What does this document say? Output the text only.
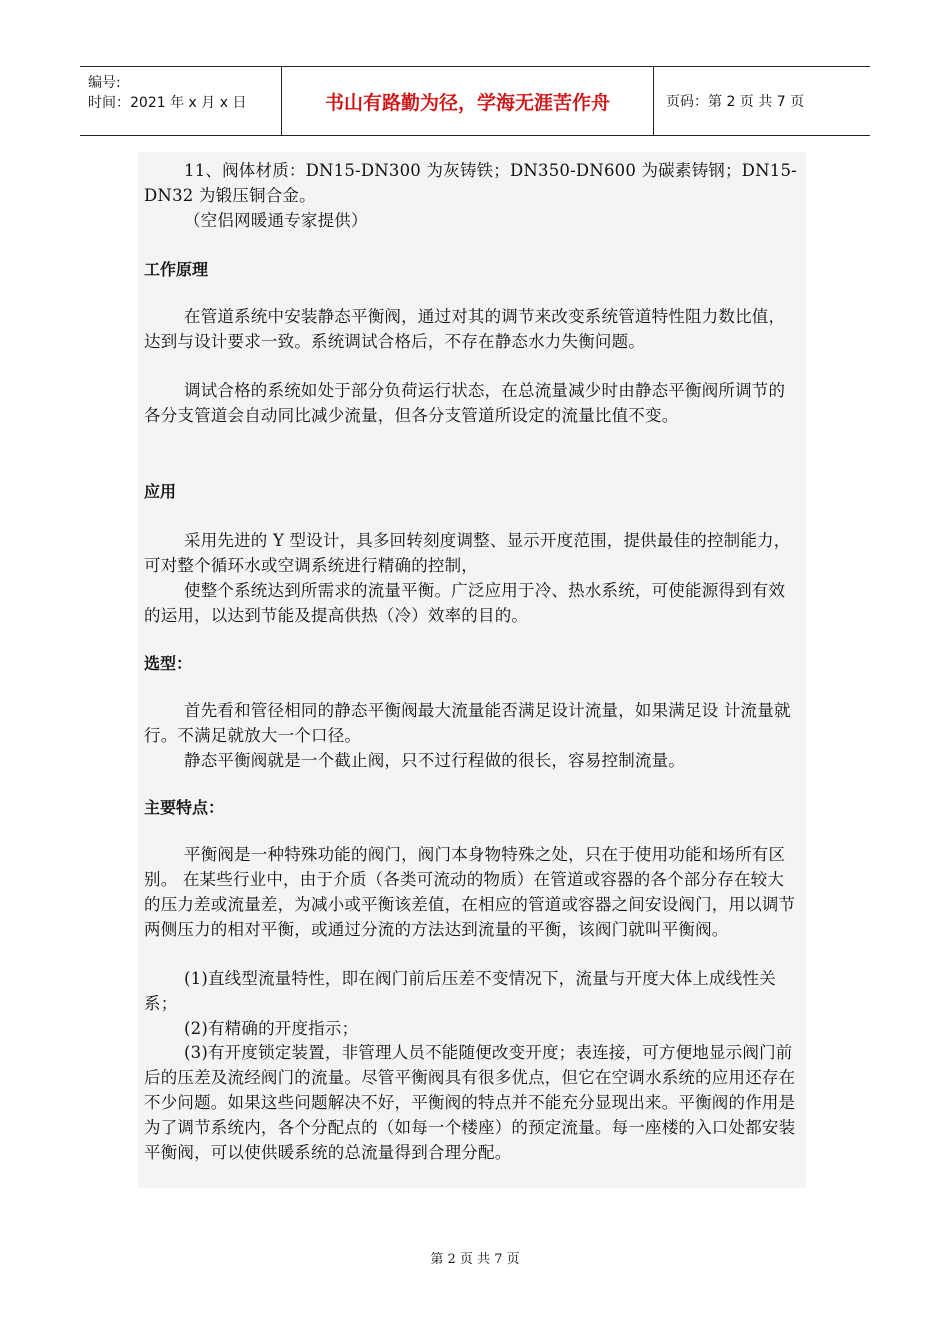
编号:
时间：2021 年 x 月 x 日	书山有路勤为径，学海无涯苦作舟	页码：第 2 页 共 7 页

11、阀体材质：DN15-DN300 为灰铸铁；DN350-DN600 为碳素铸钢；DN15-DN32 为锻压铜合金。

（空侣网暖通专家提供）

工作原理

在管道系统中安装静态平衡阀，通过对其的调节来改变系统管道特性阻力数比值，达到与设计要求一致。系统调试合格后，不存在静态水力失衡问题。

调试合格的系统如处于部分负荷运行状态，在总流量减少时由静态平衡阀所调节的各分支管道会自动同比减少流量，但各分支管道所设定的流量比值不变。

应用

采用先进的 Y 型设计，具多回转刻度调整、显示开度范围，提供最佳的控制能力，可对整个循环水或空调系统进行精确的控制，

使整个系统达到所需求的流量平衡。广泛应用于冷、热水系统，可使能源得到有效的运用，以达到节能及提高供热（冷）效率的目的。

选型：

首先看和管径相同的静态平衡阀最大流量能否满足设计流量，如果满足设 计流量就行。不满足就放大一个口径。

静态平衡阀就是一个截止阀，只不过行程做的很长，容易控制流量。

主要特点：

平衡阀是一种特殊功能的阀门，阀门本身物特殊之处，只在于使用功能和场所有区别。 在某些行业中，由于介质（各类可流动的物质）在管道或容器的各个部分存在较大的压力差或流量差，为减小或平衡该差值，在相应的管道或容器之间安设阀门，用以调节两侧压力的相对平衡，或通过分流的方法达到流量的平衡，该阀门就叫平衡阀。

(1)直线型流量特性，即在阀门前后压差不变情况下，流量与开度大体上成线性关系；

(2)有精确的开度指示；

(3)有开度锁定装置，非管理人员不能随便改变开度；表连接，可方便地显示阀门前后的压差及流经阀门的流量。尽管平衡阀具有很多优点，但它在空调水系统的应用还存在不少问题。如果这些问题解决不好，平衡阀的特点并不能充分显现出来。平衡阀的作用是为了调节系统内，各个分配点的（如每一个楼座）的预定流量。每一座楼的入口处都安装平衡阀，可以使供暖系统的总流量得到合理分配。

第 2 页 共 7 页
